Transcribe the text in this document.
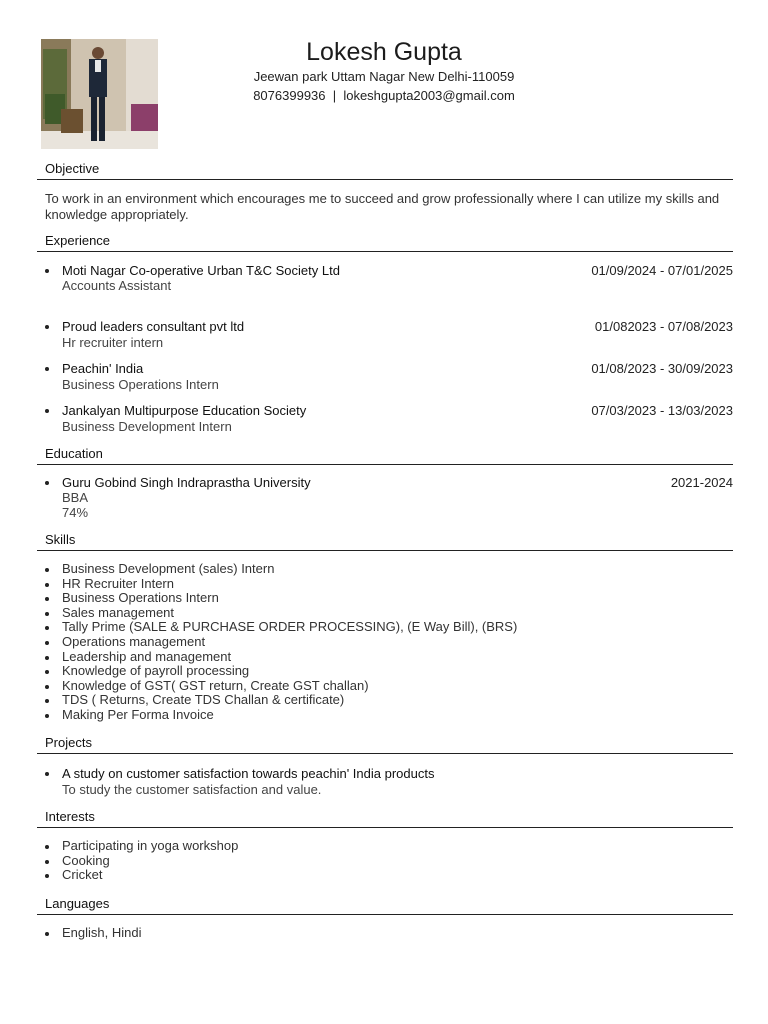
Lokesh Gupta
Jeewan park Uttam Nagar New Delhi-110059
8076399936  |  lokeshgupta2003@gmail.com
Objective
To work in an environment which encourages me to succeed and grow professionally where I can utilize my skills and knowledge appropriately.
Experience
Moti Nagar Co-operative Urban T&C Society Ltd
Accounts Assistant
01/09/2024 - 07/01/2025
Proud leaders consultant pvt ltd
Hr recruiter intern
01/082023 - 07/08/2023
Peachin' India
Business Operations Intern
01/08/2023 - 30/09/2023
Jankalyan Multipurpose Education Society
Business Development Intern
07/03/2023 - 13/03/2023
Education
Guru Gobind Singh Indraprastha University
BBA
74%
2021-2024
Skills
Business Development (sales) Intern
HR Recruiter Intern
Business Operations Intern
Sales management
Tally Prime (SALE & PURCHASE ORDER PROCESSING), (E Way Bill), (BRS)
Operations management
Leadership and management
Knowledge of payroll processing
Knowledge of GST( GST return, Create GST challan)
TDS ( Returns, Create TDS Challan & certificate)
Making Per Forma Invoice
Projects
A study on customer satisfaction towards peachin' India products
To study the customer satisfaction and value.
Interests
Participating in yoga workshop
Cooking
Cricket
Languages
English, Hindi
